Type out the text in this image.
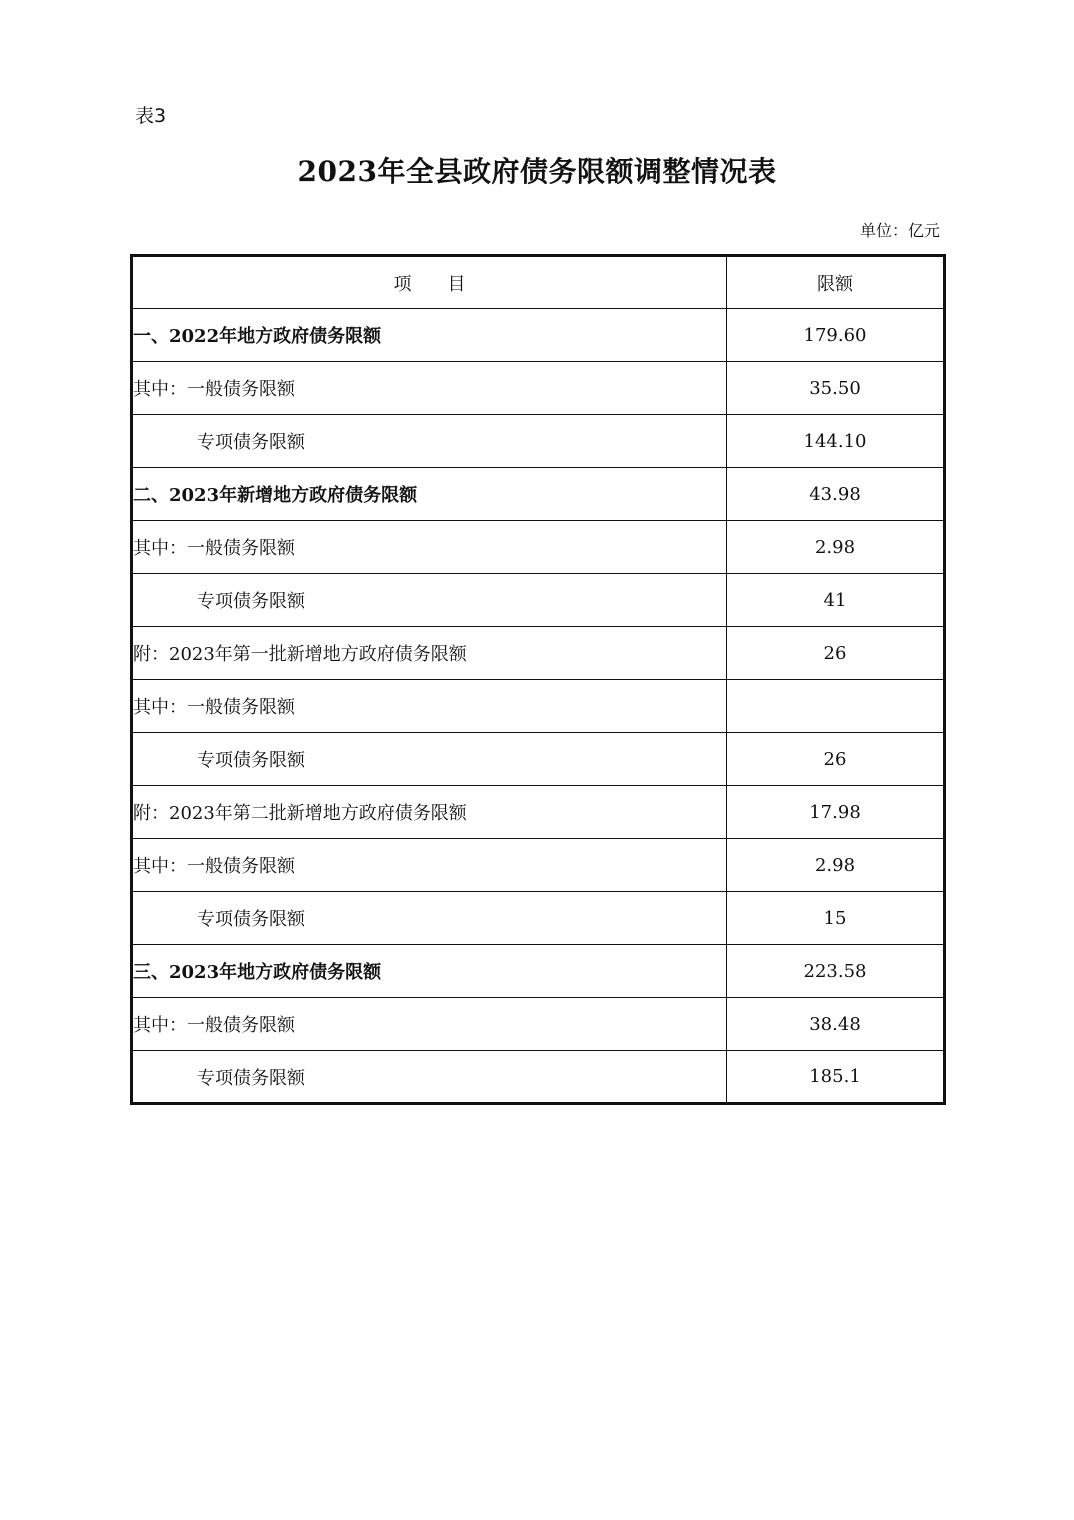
表3
2023年全县政府债务限额调整情况表
单位：亿元
项　　目	限额
一、2022年地方政府债务限额	179.60
其中：一般债务限额	35.50
专项债务限额	144.10
二、2023年新增地方政府债务限额	43.98
其中：一般债务限额	2.98
专项债务限额	41
附：2023年第一批新增地方政府债务限额	26
其中：一般债务限额	
专项债务限额	26
附：2023年第二批新增地方政府债务限额	17.98
其中：一般债务限额	2.98
专项债务限额	15
三、2023年地方政府债务限额	223.58
其中：一般债务限额	38.48
专项债务限额	185.1
